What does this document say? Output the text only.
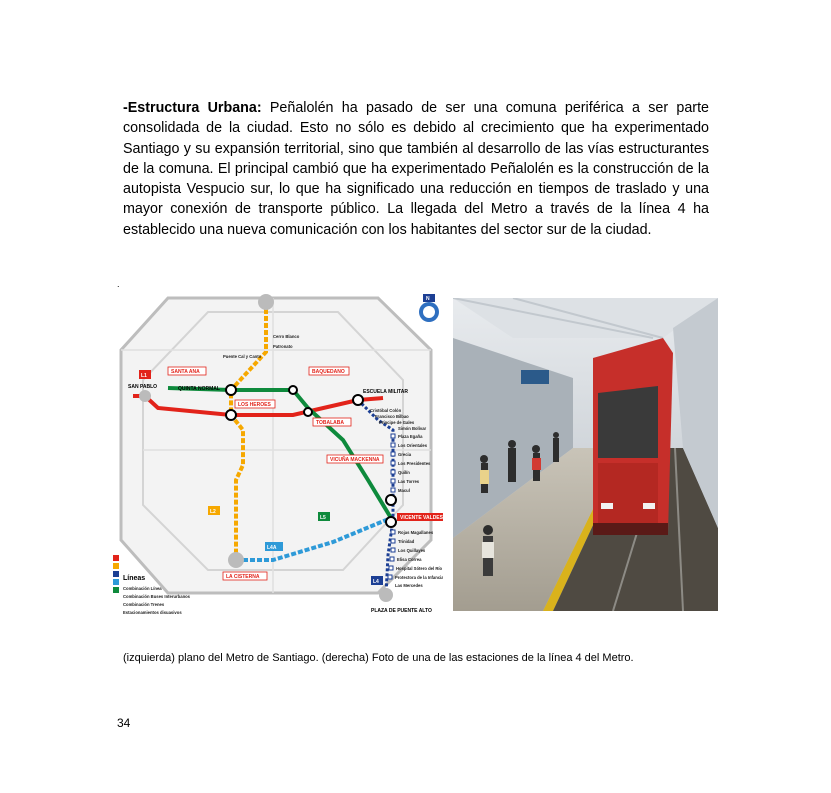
-Estructura Urbana: Peñalolén ha pasado de ser una comuna periférica a ser parte consolidada de la ciudad. Esto no sólo es debido al crecimiento que ha experimentado Santiago y su expansión territorial, sino que también al desarrollo de las vías estructurantes de la comuna. El principal cambió que ha experimentado Peñalolén es la construcción de la autopista Vespucio sur, lo que ha significado una reducción en tiempos de traslado y una mayor conexión de transporte público. La llegada del Metro a través de la línea 4 ha establecido una nueva comunicación con los habitantes del sector sur de la ciudad.
.
SANTA ANA
QUINTA NORMAL
LOS HEROES
BAQUEDANO
TOBALABA
ESCUELA MILITAR
VICUÑA MACKENNA
VICENTE VALDES
LA CISTERNA
PLAZA DE PUENTE ALTO
SAN PABLO
Cerro Blanco
Patronato
Puente Cal y Canto
Cristóbal Colón
Francisco Bilbao
Príncipe de Gales
Simón Bolívar
Plaza Egaña
Los Orientales
Grecia
Los Presidentes
Quilín
Las Torres
Macul
Rojas Magallanes
Trinidad
Los Quillayes
Elisa Correa
Hospital Sótero del Río
Protectora de la Infancia
Las Mercedes
L1
L2
L4A
L5
L4
Líneas
Combinación Línea
Combinación Buses Interurbanos
Combinación Trenes
Estacionamientos disuasivos
N
(izquierda) plano del Metro de Santiago. (derecha) Foto de una de las estaciones de la línea 4 del Metro.
34
